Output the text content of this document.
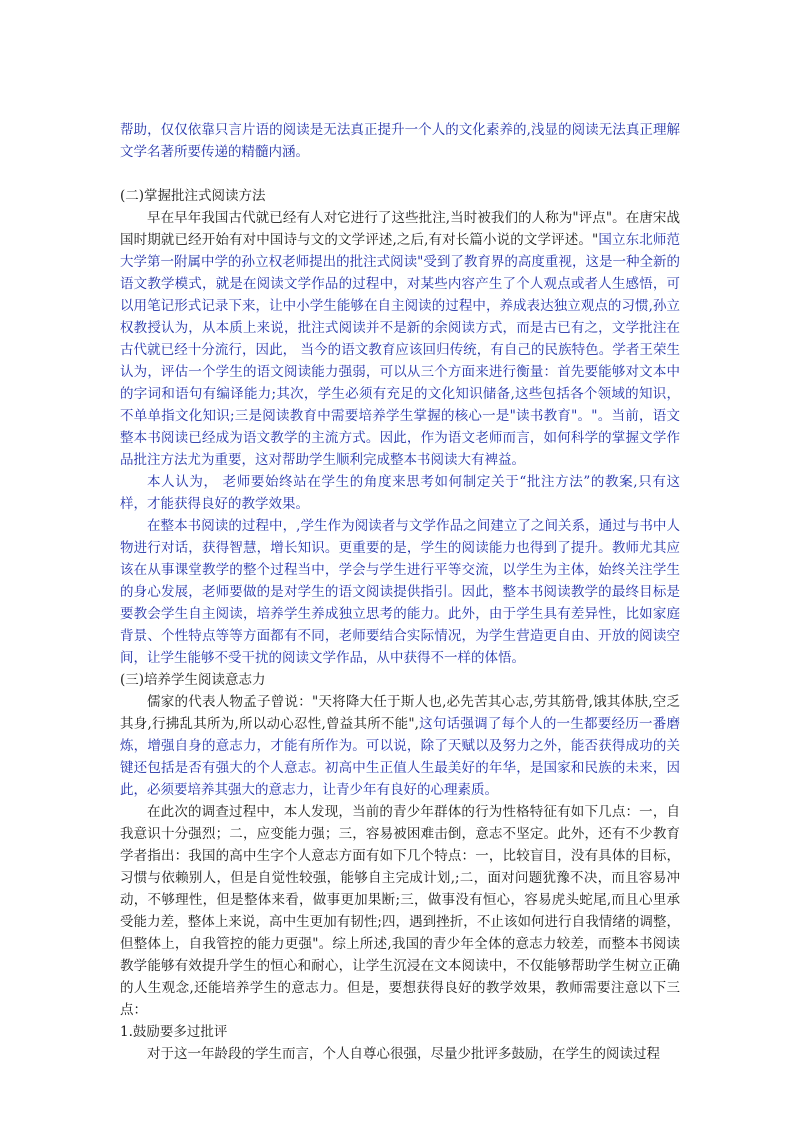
帮助，仅仅依靠只言片语的阅读是无法真正提升一个人的文化素养的,浅显的阅读无法真正理解文学名著所要传递的精髓内涵。

(二)掌握批注式阅读方法

早在早年我国古代就已经有人对它进行了这些批注,当时被我们的人称为"评点"。在唐宋战国时期就已经开始有对中国诗与文的文学评述,之后,有对长篇小说的文学评述。"国立东北师范大学第一附属中学的孙立权老师提出的批注式阅读"受到了教育界的高度重视，这是一种全新的语文教学模式，就是在阅读文学作品的过程中，对某些内容产生了个人观点或者人生感悟，可以用笔记形式记录下来，让中小学生能够在自主阅读的过程中，养成表达独立观点的习惯,孙立权教授认为，从本质上来说，批注式阅读并不是新的余阅读方式，而是古已有之，文学批注在古代就已经十分流行，因此， 当今的语文教育应该回归传统，有自己的民族特色。学者王荣生认为，评估一个学生的语文阅读能力强弱，可以从三个方面来进行衡量：首先要能够对文本中的字词和语句有编译能力;其次，学生必须有充足的文化知识储备,这些包括各个领域的知识，不单单指文化知识;三是阅读教育中需要培养学生掌握的核心一是"读书教育"。"。当前，语文整本书阅读已经成为语文教学的主流方式。因此，作为语文老师而言，如何科学的掌握文学作品批注方法尤为重要，这对帮助学生顺利完成整本书阅读大有裨益。

本人认为， 老师要始终站在学生的角度来思考如何制定关于“批注方法”的教案,只有这样，才能获得良好的教学效果。

在整本书阅读的过程中，,学生作为阅读者与文学作品之间建立了之间关系，通过与书中人物进行对话，获得智慧，增长知识。更重要的是，学生的阅读能力也得到了提升。教师尤其应该在从事课堂教学的整个过程当中，学会与学生进行平等交流，以学生为主体，始终关注学生的身心发展，老师要做的是对学生的语文阅读提供指引。因此，整本书阅读教学的最终目标是要教会学生自主阅读，培养学生养成独立思考的能力。此外，由于学生具有差异性，比如家庭背景、个性特点等等方面都有不同，老师要结合实际情况，为学生营造更自由、开放的阅读空间，让学生能够不受干扰的阅读文学作品，从中获得不一样的体悟。

(三)培养学生阅读意志力

儒家的代表人物孟子曾说："天将降大任于斯人也,必先苦其心志,劳其筋骨,饿其体肤,空乏其身,行拂乱其所为,所以动心忍性,曾益其所不能",这句话强调了每个人的一生都要经历一番磨炼，增强自身的意志力，才能有所作为。可以说，除了天赋以及努力之外，能否获得成功的关键还包括是否有强大的个人意志。初高中生正值人生最美好的年华，是国家和民族的未来，因此，必须要培养其强大的意志力，让青少年有良好的心理素质。

在此次的调查过程中，本人发现，当前的青少年群体的行为性格特征有如下几点：一，自我意识十分强烈；二，应变能力强；三，容易被困难击倒，意志不坚定。此外，还有不少教育学者指出：我国的高中生字个人意志方面有如下几个特点：一，比较盲目，没有具体的目标，习惯与依赖别人，但是自觉性较强，能够自主完成计划,;二，面对问题犹豫不决，而且容易冲动，不够理性，但是整体来看，做事更加果断;三，做事没有恒心，容易虎头蛇尾,而且心里承受能力差，整体上来说，高中生更加有韧性;四，遇到挫折，不止该如何进行自我情绪的调整，但整体上，自我管控的能力更强"。综上所述,我国的青少年全体的意志力较差，而整本书阅读教学能够有效提升学生的恒心和耐心，让学生沉浸在文本阅读中，不仅能够帮助学生树立正确的人生观念,还能培养学生的意志力。但是，要想获得良好的教学效果，教师需要注意以下三点：

1.鼓励要多过批评

对于这一年龄段的学生而言，个人自尊心很强，尽量少批评多鼓励，在学生的阅读过程
